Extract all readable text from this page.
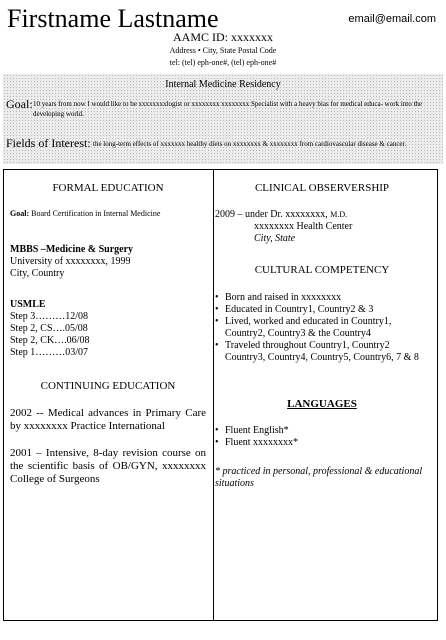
Firstname Lastname	email@email.com
AAMC ID: xxxxxxx
Address • City, State Postal Code
tel: (tel) eph-one#, (tel) eph-one#
Internal Medicine Residency
Goal: 10 years from now I would like to be xxxxxxxxlogist or xxxxxxxx xxxxxxxx Specialist with a heavy bias for medical educa- work into the developing world.
Fields of Interest: the long-term effects of xxxxxxx healthy diets on xxxxxxxx & xxxxxxxx from cardiovascular disease & cancer.
FORMAL EDUCATION
Goal: Board Certification in Internal Medicine
MBBS –Medicine & Surgery
University of xxxxxxxx, 1999
City, Country
USMLE
Step 3………12/08
Step 2, CS….05/08
Step 2, CK….06/08
Step 1………03/07
CONTINUING EDUCATION
2002 -- Medical advances in Primary Care by xxxxxxxx Practice International
2001 – Intensive, 8-day revision course on the scientific basis of OB/GYN, xxxxxxxx College of Surgeons
CLINICAL OBSERVERSHIP
2009 – under Dr. xxxxxxxx, M.D.
xxxxxxxx Health Center
City, State
CULTURAL COMPETENCY
• Born and raised in xxxxxxxx
• Educated in Country1, Country2 & 3
• Lived, worked and educated in Country1, Country2, Country3 & the Country4
• Traveled throughout Country1, Country2 Country3, Country4, Country5, Country6, 7 & 8
LANGUAGES
• Fluent English*
• Fluent xxxxxxxx*
* practiced in personal, professional & educational situations
